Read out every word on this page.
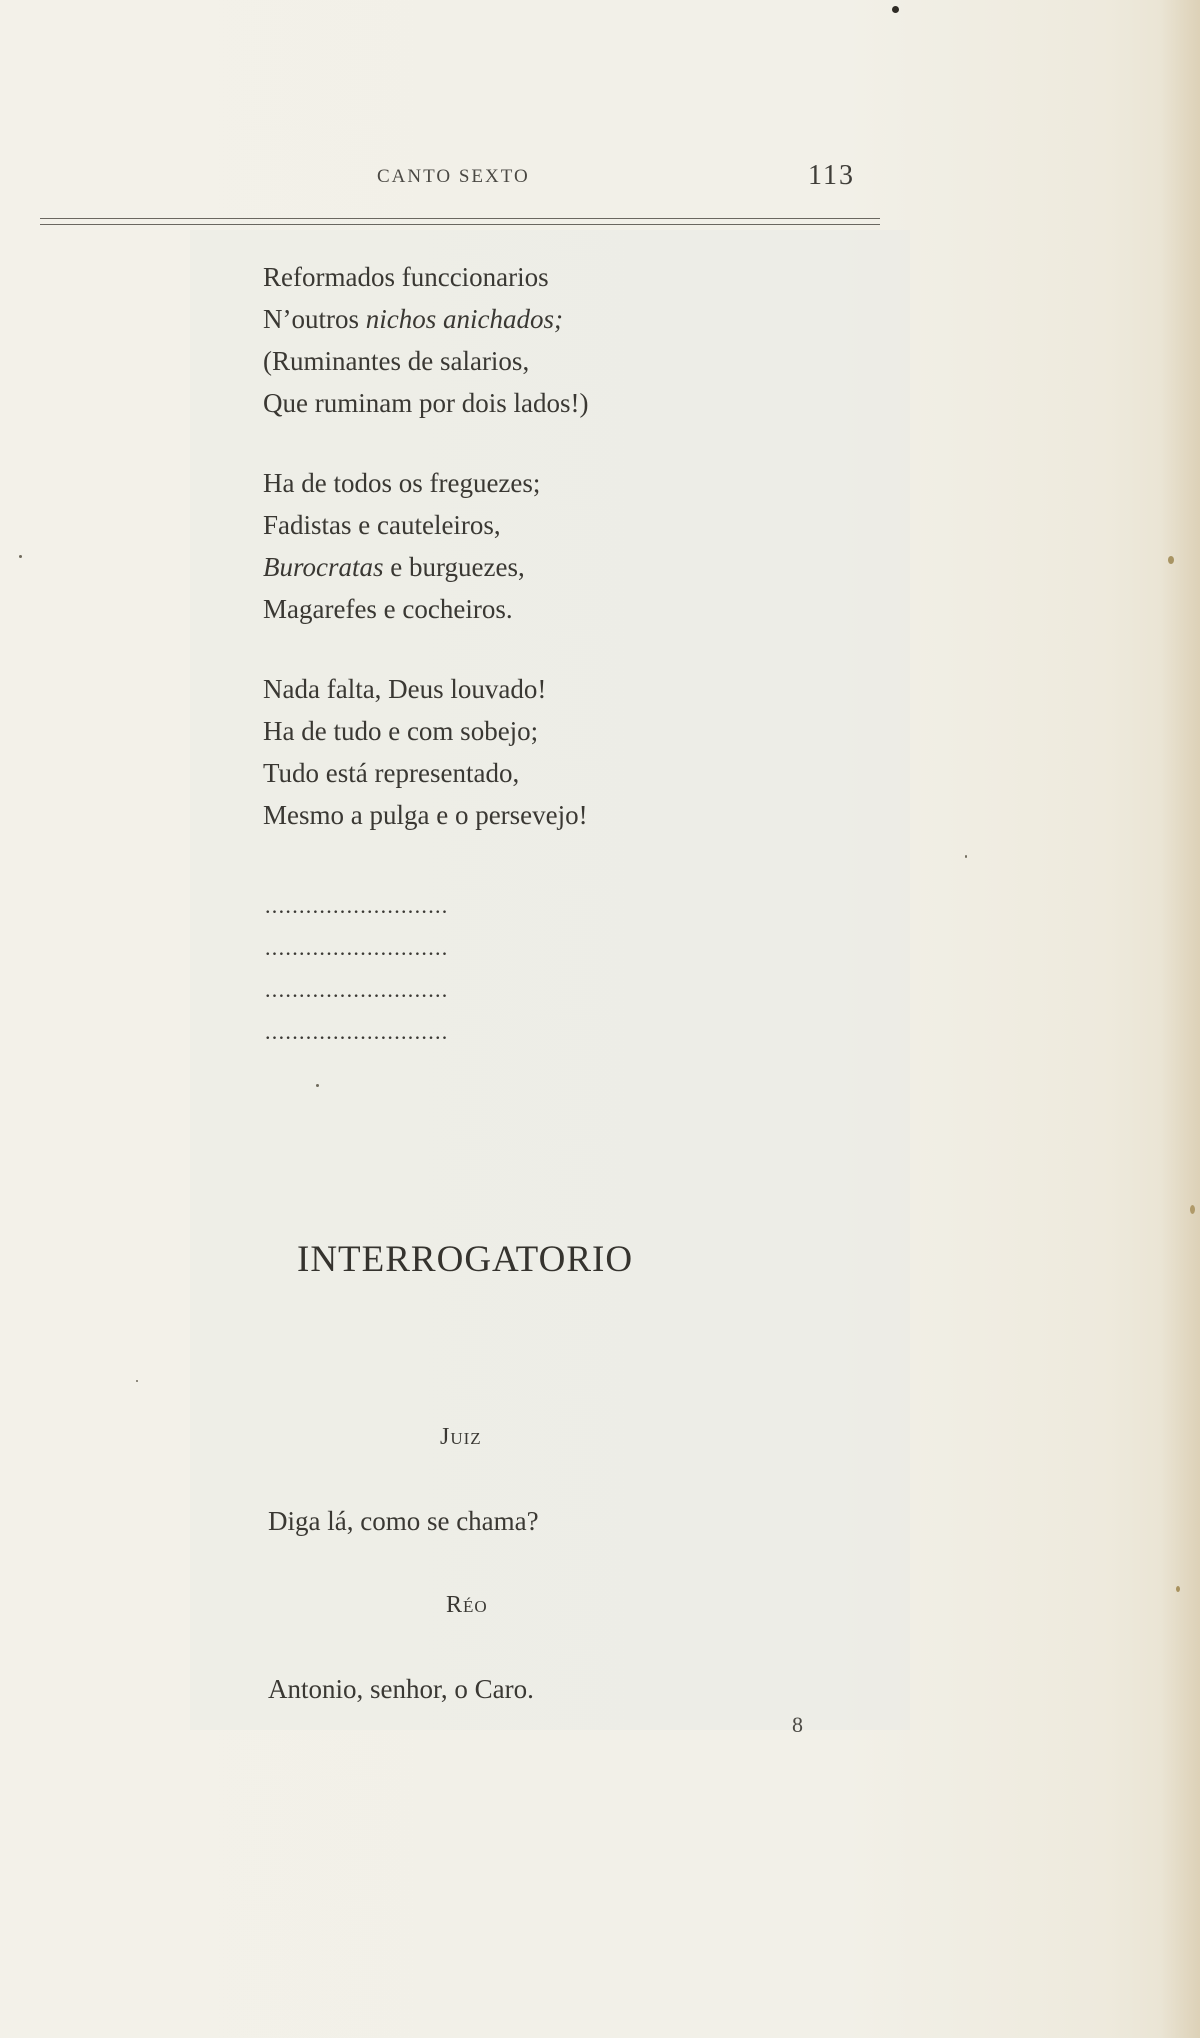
CANTO SEXTO	113
Reformados funccionarios
N’outros nichos anichados;
(Ruminantes de salarios,
Que ruminam por dois lados!)
Ha de todos os freguezes;
Fadistas e cauteleiros,
Burocratas e burguezes,
Magarefes e cocheiros.
Nada falta, Deus louvado!
Ha de tudo e com sobejo;
Tudo está representado,
Mesmo a pulga e o persevejo!
...........................
...........................
...........................
...........................
INTERROGATORIO
Juiz
Diga lá, como se chama?
Réo
Antonio, senhor, o Caro.
8
